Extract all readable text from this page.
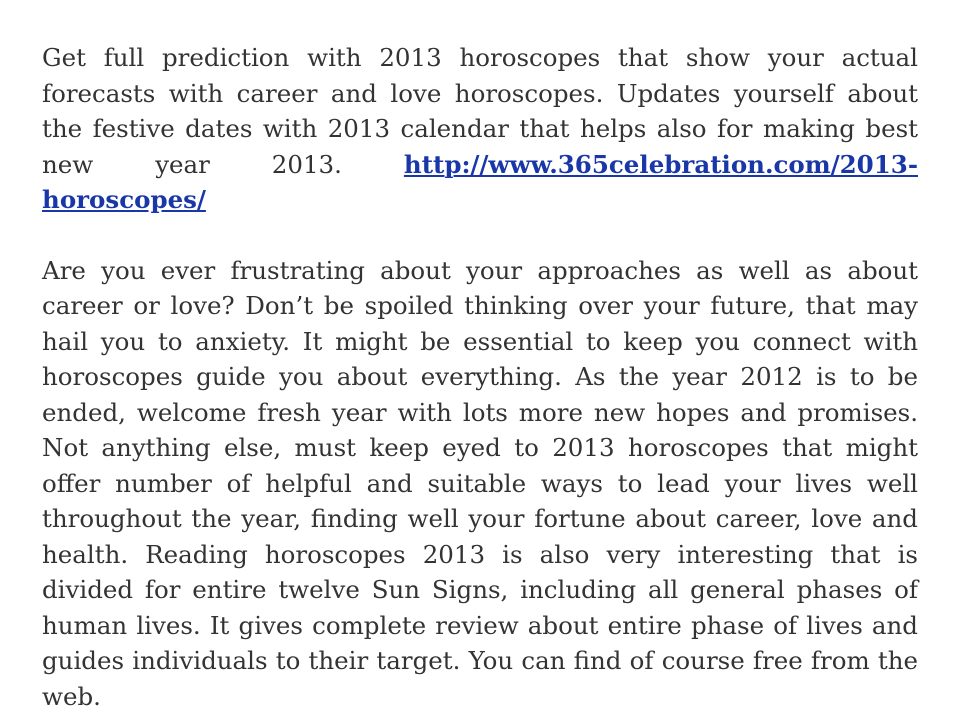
Get full prediction with 2013 horoscopes that show your actual forecasts with career and love horoscopes. Updates yourself about the festive dates with 2013 calendar that helps also for making best new year 2013. http://www.365celebration.com/2013-horoscopes/

Are you ever frustrating about your approaches as well as about career or love? Don’t be spoiled thinking over your future, that may hail you to anxiety. It might be essential to keep you connect with horoscopes guide you about everything. As the year 2012 is to be ended, welcome fresh year with lots more new hopes and promises. Not anything else, must keep eyed to 2013 horoscopes that might offer number of helpful and suitable ways to lead your lives well throughout the year, finding well your fortune about career, love and health. Reading horoscopes 2013 is also very interesting that is divided for entire twelve Sun Signs, including all general phases of human lives. It gives complete review about entire phase of lives and guides individuals to their target. You can find of course free from the web.
